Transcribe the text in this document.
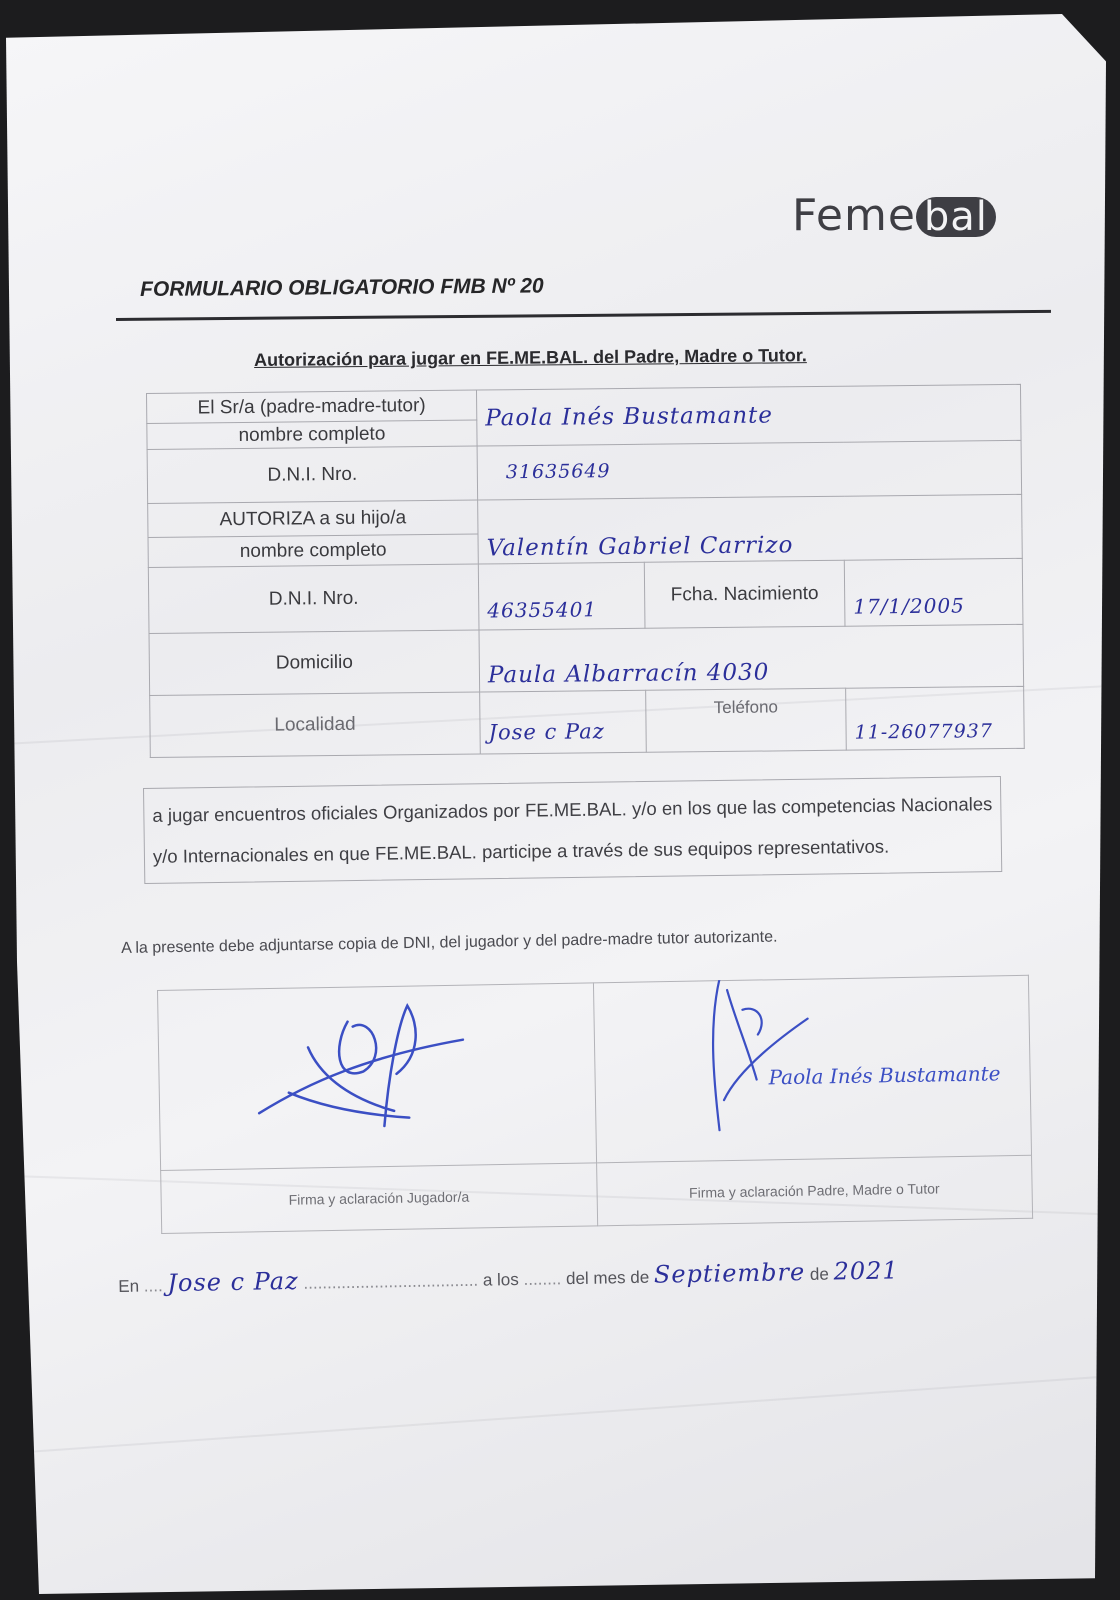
Feme bal
FORMULARIO OBLIGATORIO FMB Nº 20
Autorización para jugar en FE.ME.BAL. del Padre, Madre o Tutor.
El Sr/a (padre-madre-tutor)	Paola Inés Bustamante		
nombre completo			
D.N.I. Nro.	31635649		
AUTORIZA a su hijo/a	Valentín Gabriel Carrizo		
nombre completo			
D.N.I. Nro.	46355401	Fcha. Nacimiento	17/1/2005
Domicilio	Paula Albarracín 4030		
Localidad	Jose c Paz	Teléfono	11-26077937
a jugar encuentros oficiales Organizados por FE.ME.BAL. y/o en los que las competencias Nacionales y/o Internacionales en que FE.ME.BAL. participe a través de sus equipos representativos.
A la presente debe adjuntarse copia de DNI, del jugador y del padre-madre tutor autorizante.

Firma y aclaración Jugador/a	Firma y aclaración Padre, Madre o Tutor
Paola Inés Bustamante
En .... Jose c Paz ..................................... a los ........ del mes de Septiembre de 2021
